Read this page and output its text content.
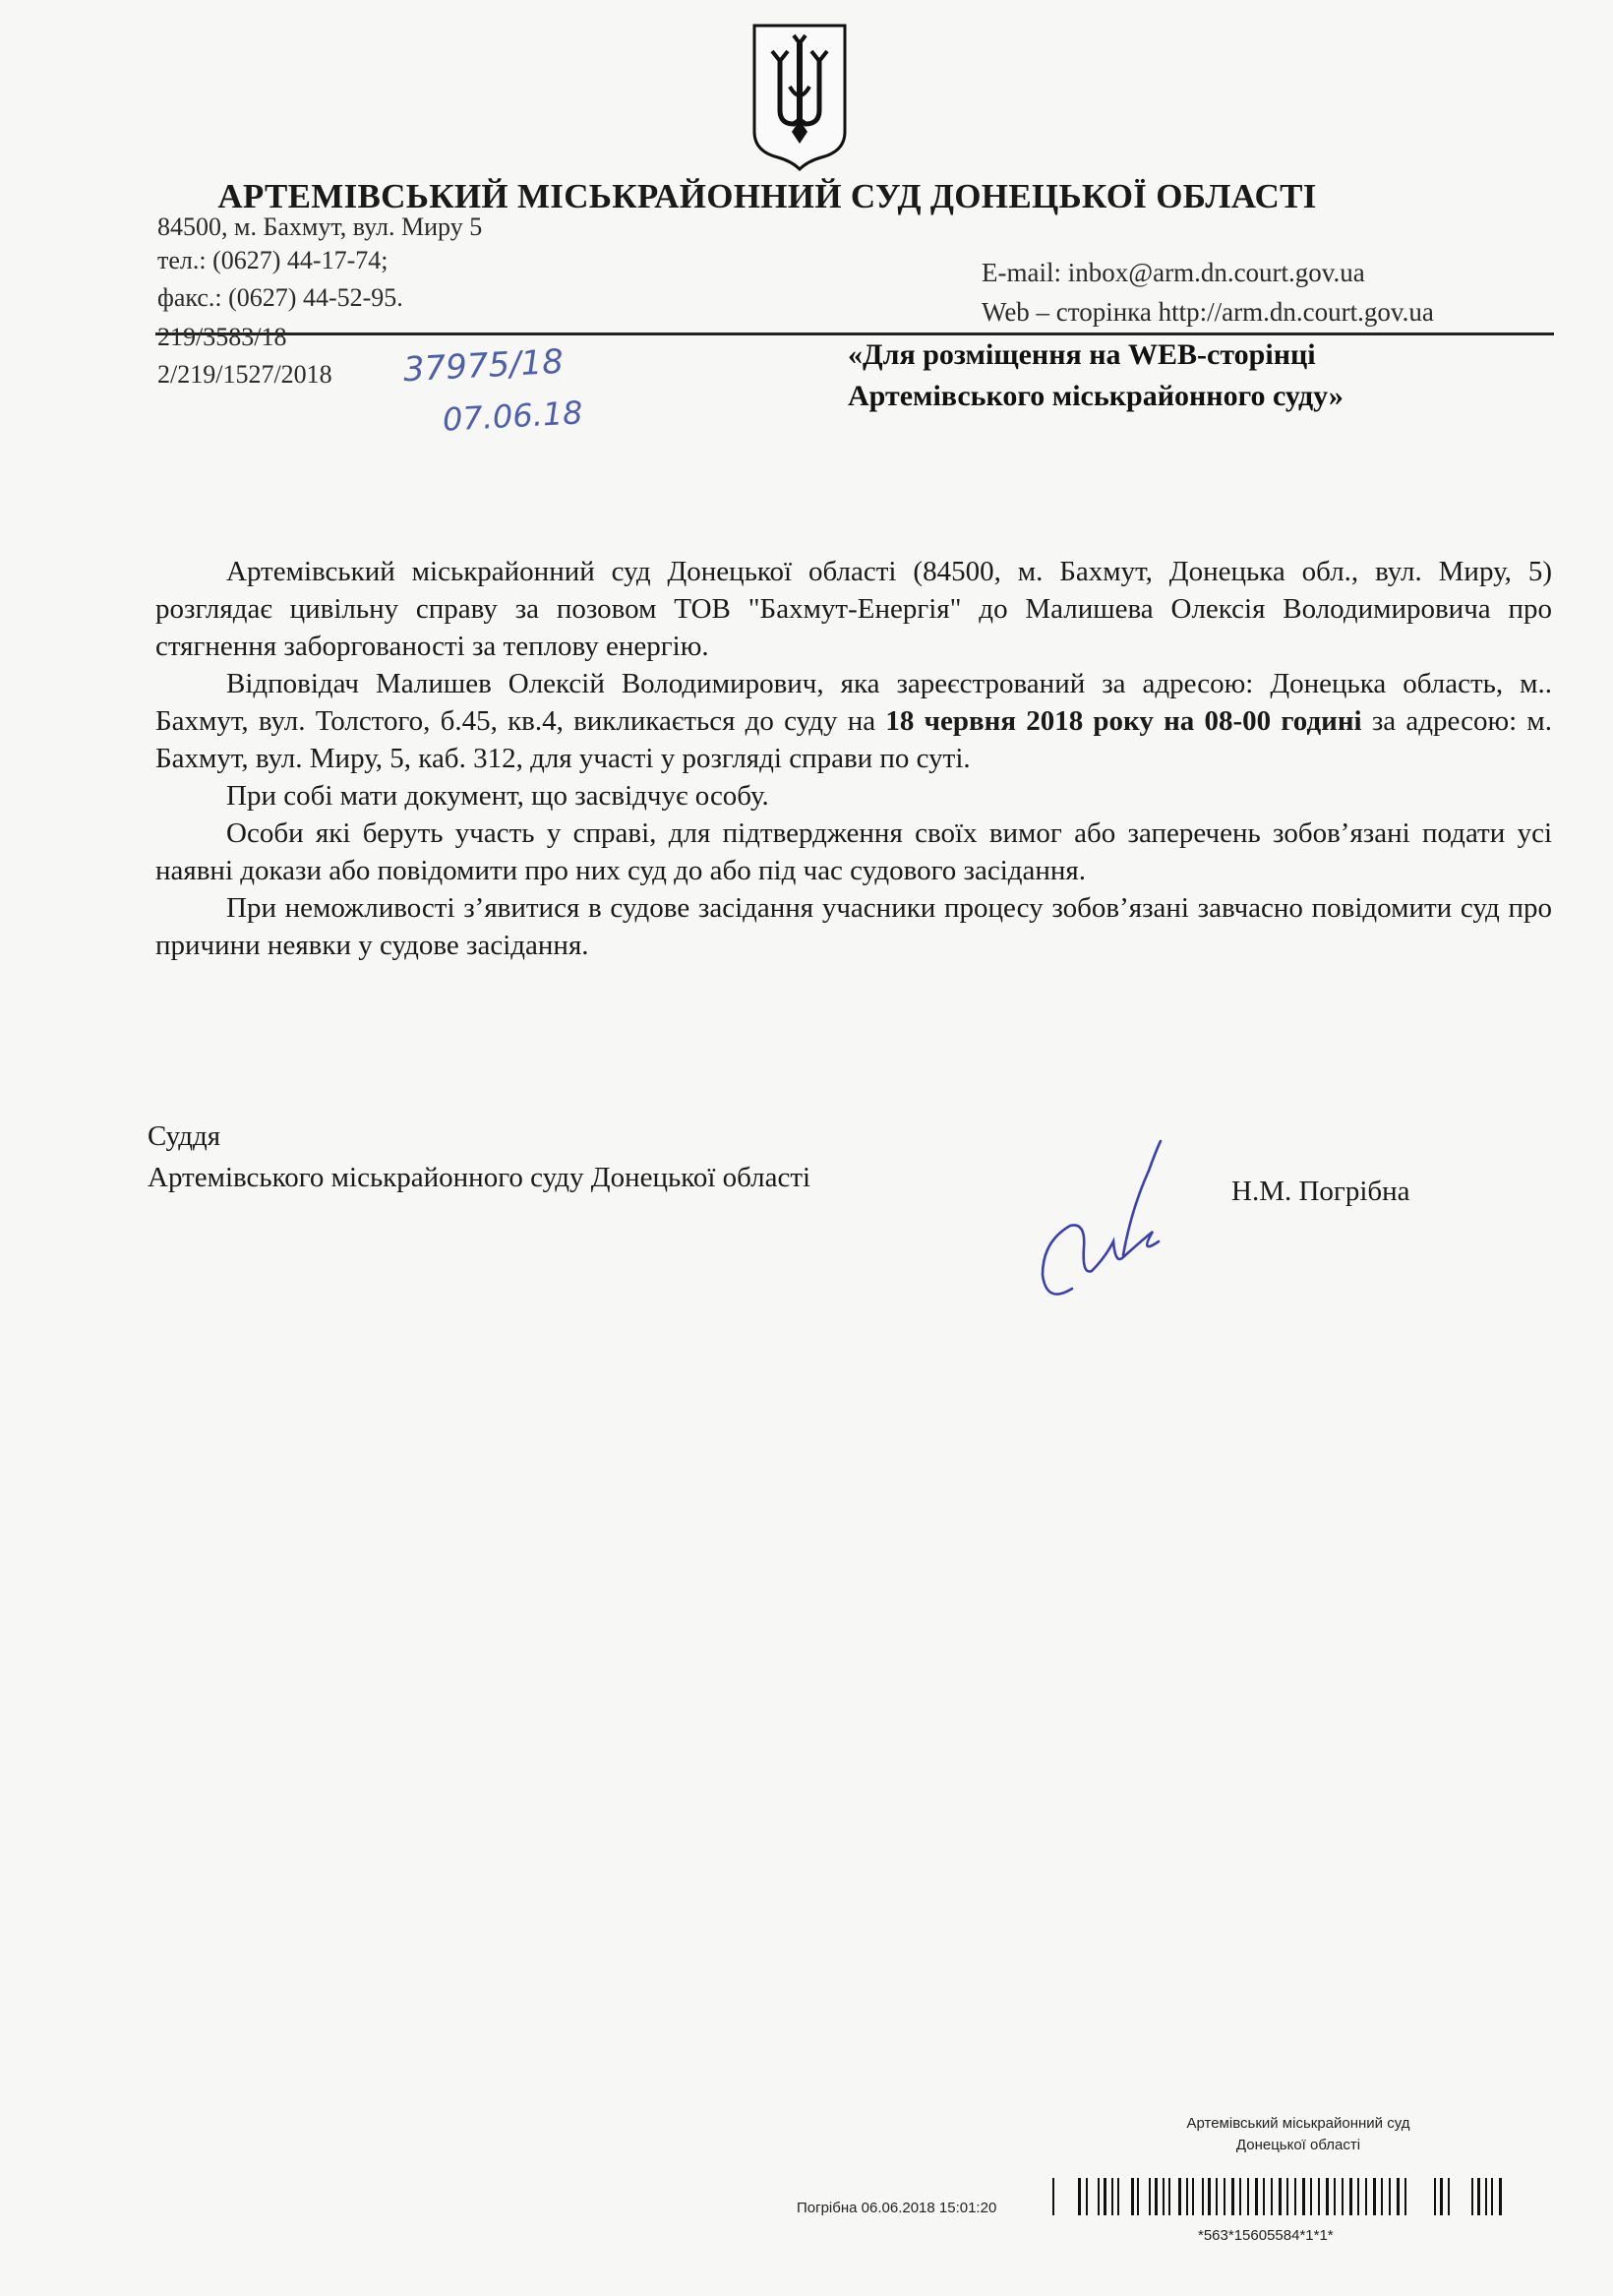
АРТЕМІВСЬКИЙ МІСЬКРАЙОННИЙ СУД ДОНЕЦЬКОЇ ОБЛАСТІ
84500, м. Бахмут, вул. Миру 5
тел.: (0627) 44-17-74;
факс.: (0627) 44-52-95.
E-mail: inbox@arm.dn.court.gov.ua
Web – сторінка http://arm.dn.court.gov.ua
219/3583/18
2/219/1527/2018 37975/18
07.06.18
«Для розміщення на WEB-сторінці
Артемівського міськрайонного суду»

Артемівський міськрайонний суд Донецької області (84500, м. Бахмут, Донецька обл., вул. Миру, 5) розглядає цивільну справу за позовом ТОВ "Бахмут-Енергія" до Малишева Олексія Володимировича про стягнення заборгованості за теплову енергію.

Відповідач Малишев Олексій Володимирович, яка зареєстрований за адресою: Донецька область, м.. Бахмут, вул. Толстого, б.45, кв.4, викликається до суду на 18 червня 2018 року на 08-00 годині за адресою: м. Бахмут, вул. Миру, 5, каб. 312, для участі у розгляді справи по суті.

При собі мати документ, що засвідчує особу.

Особи які беруть участь у справі, для підтвердження своїх вимог або заперечень зобов’язані подати усі наявні докази або повідомити про них суд до або під час судового засідання.

При неможливості з’явитися в судове засідання учасники процесу зобов’язані завчасно повідомити суд про причини неявки у судове засідання.

Суддя
Артемівського міськрайонного суду Донецької області	Н.М. Погрібна
Артемівський міськрайонний суд
Донецької області
Погрібна 06.06.2018 15:01:20
*563*15605584*1*1*
